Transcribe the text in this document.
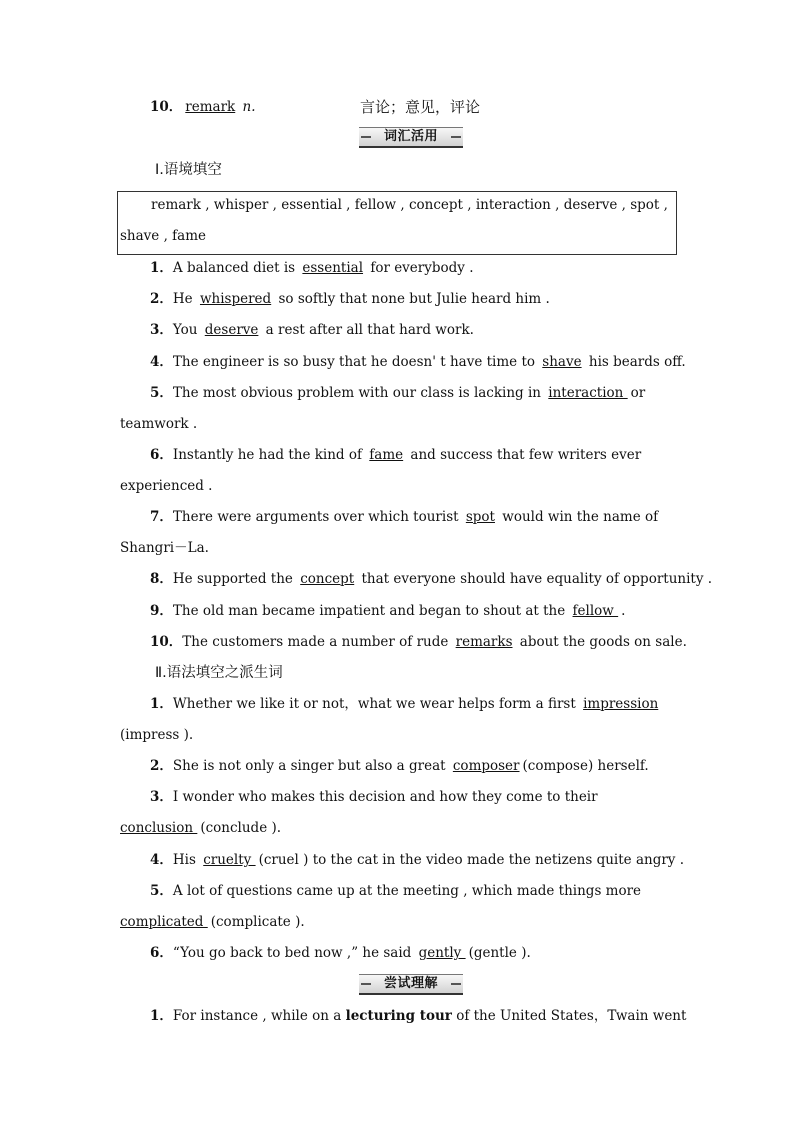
10． remark n.	言论；意见，评论
词汇活用
Ⅰ.语境填空
remark , whisper , essential , fellow , concept , interaction , deserve , spot ,
shave , fame
1．A balanced diet is essential for everybody .
2．He whispered so softly that none but Julie heard him .
3．You deserve a rest after all that hard work.
4．The engineer is so busy that he doesn' t have time to shave his beards off.
5．The most obvious problem with our class is lacking in interaction or
teamwork .
6．Instantly he had the kind of fame and success that few writers ever
experienced .
7．There were arguments over which tourist spot would win the name of
Shangri－La.
8．He supported the concept that everyone should have equality of opportunity .
9．The old man became impatient and began to shout at the fellow .
10．The customers made a number of rude remarks about the goods on sale.
Ⅱ.语法填空之派生词
1．Whether we like it or not，what we wear helps form a first impression
(impress ).
2．She is not only a singer but also a great composer (compose) herself.
3．I wonder who makes this decision and how they come to their
conclusion (conclude ).
4．His cruelty (cruel ) to the cat in the video made the netizens quite angry .
5．A lot of questions came up at the meeting , which made things more
complicated (complicate ).
6．“You go back to bed now ,” he said gently (gentle ).
尝试理解
1．For instance , while on a lecturing tour of the United States，Twain went
